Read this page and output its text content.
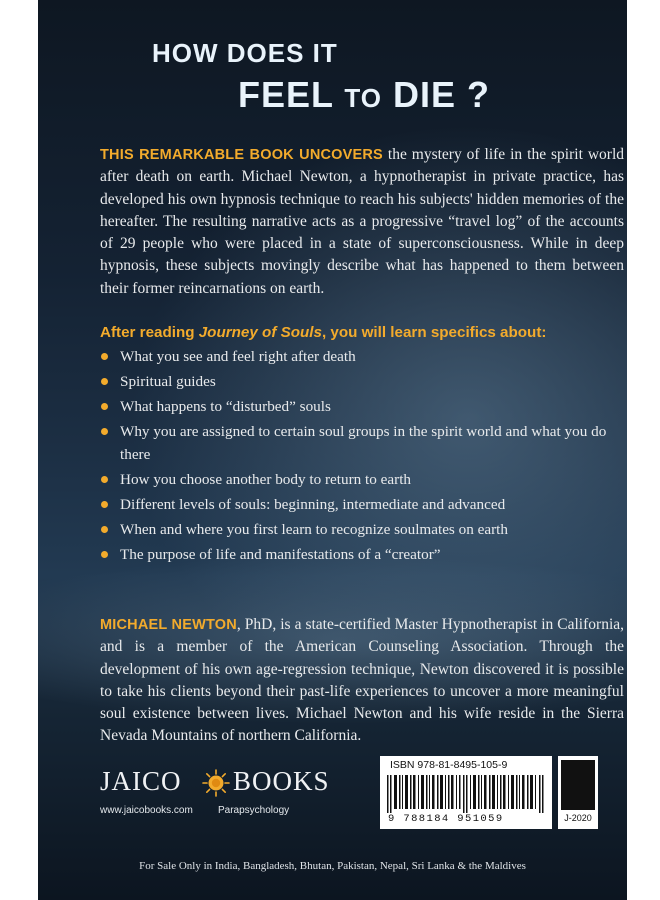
HOW DOES IT
FEEL TO DIE ?

THIS REMARKABLE BOOK UNCOVERS the mystery of life in the spirit world after death on earth. Michael Newton, a hypnotherapist in private practice, has developed his own hypnosis technique to reach his subjects' hidden memories of the hereafter. The resulting narrative acts as a progressive “travel log” of the accounts of 29 people who were placed in a state of superconsciousness. While in deep hypnosis, these subjects movingly describe what has happened to them between their former reincarnations on earth.

After reading Journey of Souls, you will learn specifics about:

What you see and feel right after death
Spiritual guides
What happens to “disturbed” souls
Why you are assigned to certain soul groups in the spirit world and what you do there
How you choose another body to return to earth
Different levels of souls: beginning, intermediate and advanced
When and where you first learn to recognize soulmates on earth
The purpose of life and manifestations of a “creator”

MICHAEL NEWTON, PhD, is a state-certified Master Hypnotherapist in California, and is a member of the American Counseling Association. Through the development of his own age-regression technique, Newton discovered it is possible to take his clients beyond their past-life experiences to uncover a more meaningful soul existence between lives. Michael Newton and his wife reside in the Sierra Nevada Mountains of northern California.

JAICO BOOKS

www.jaicobooks.com	Parapsychology

ISBN 978-81-8495-105-9

9 788184 951059	J-2020

For Sale Only in India, Bangladesh, Bhutan, Pakistan, Nepal, Sri Lanka & the Maldives
